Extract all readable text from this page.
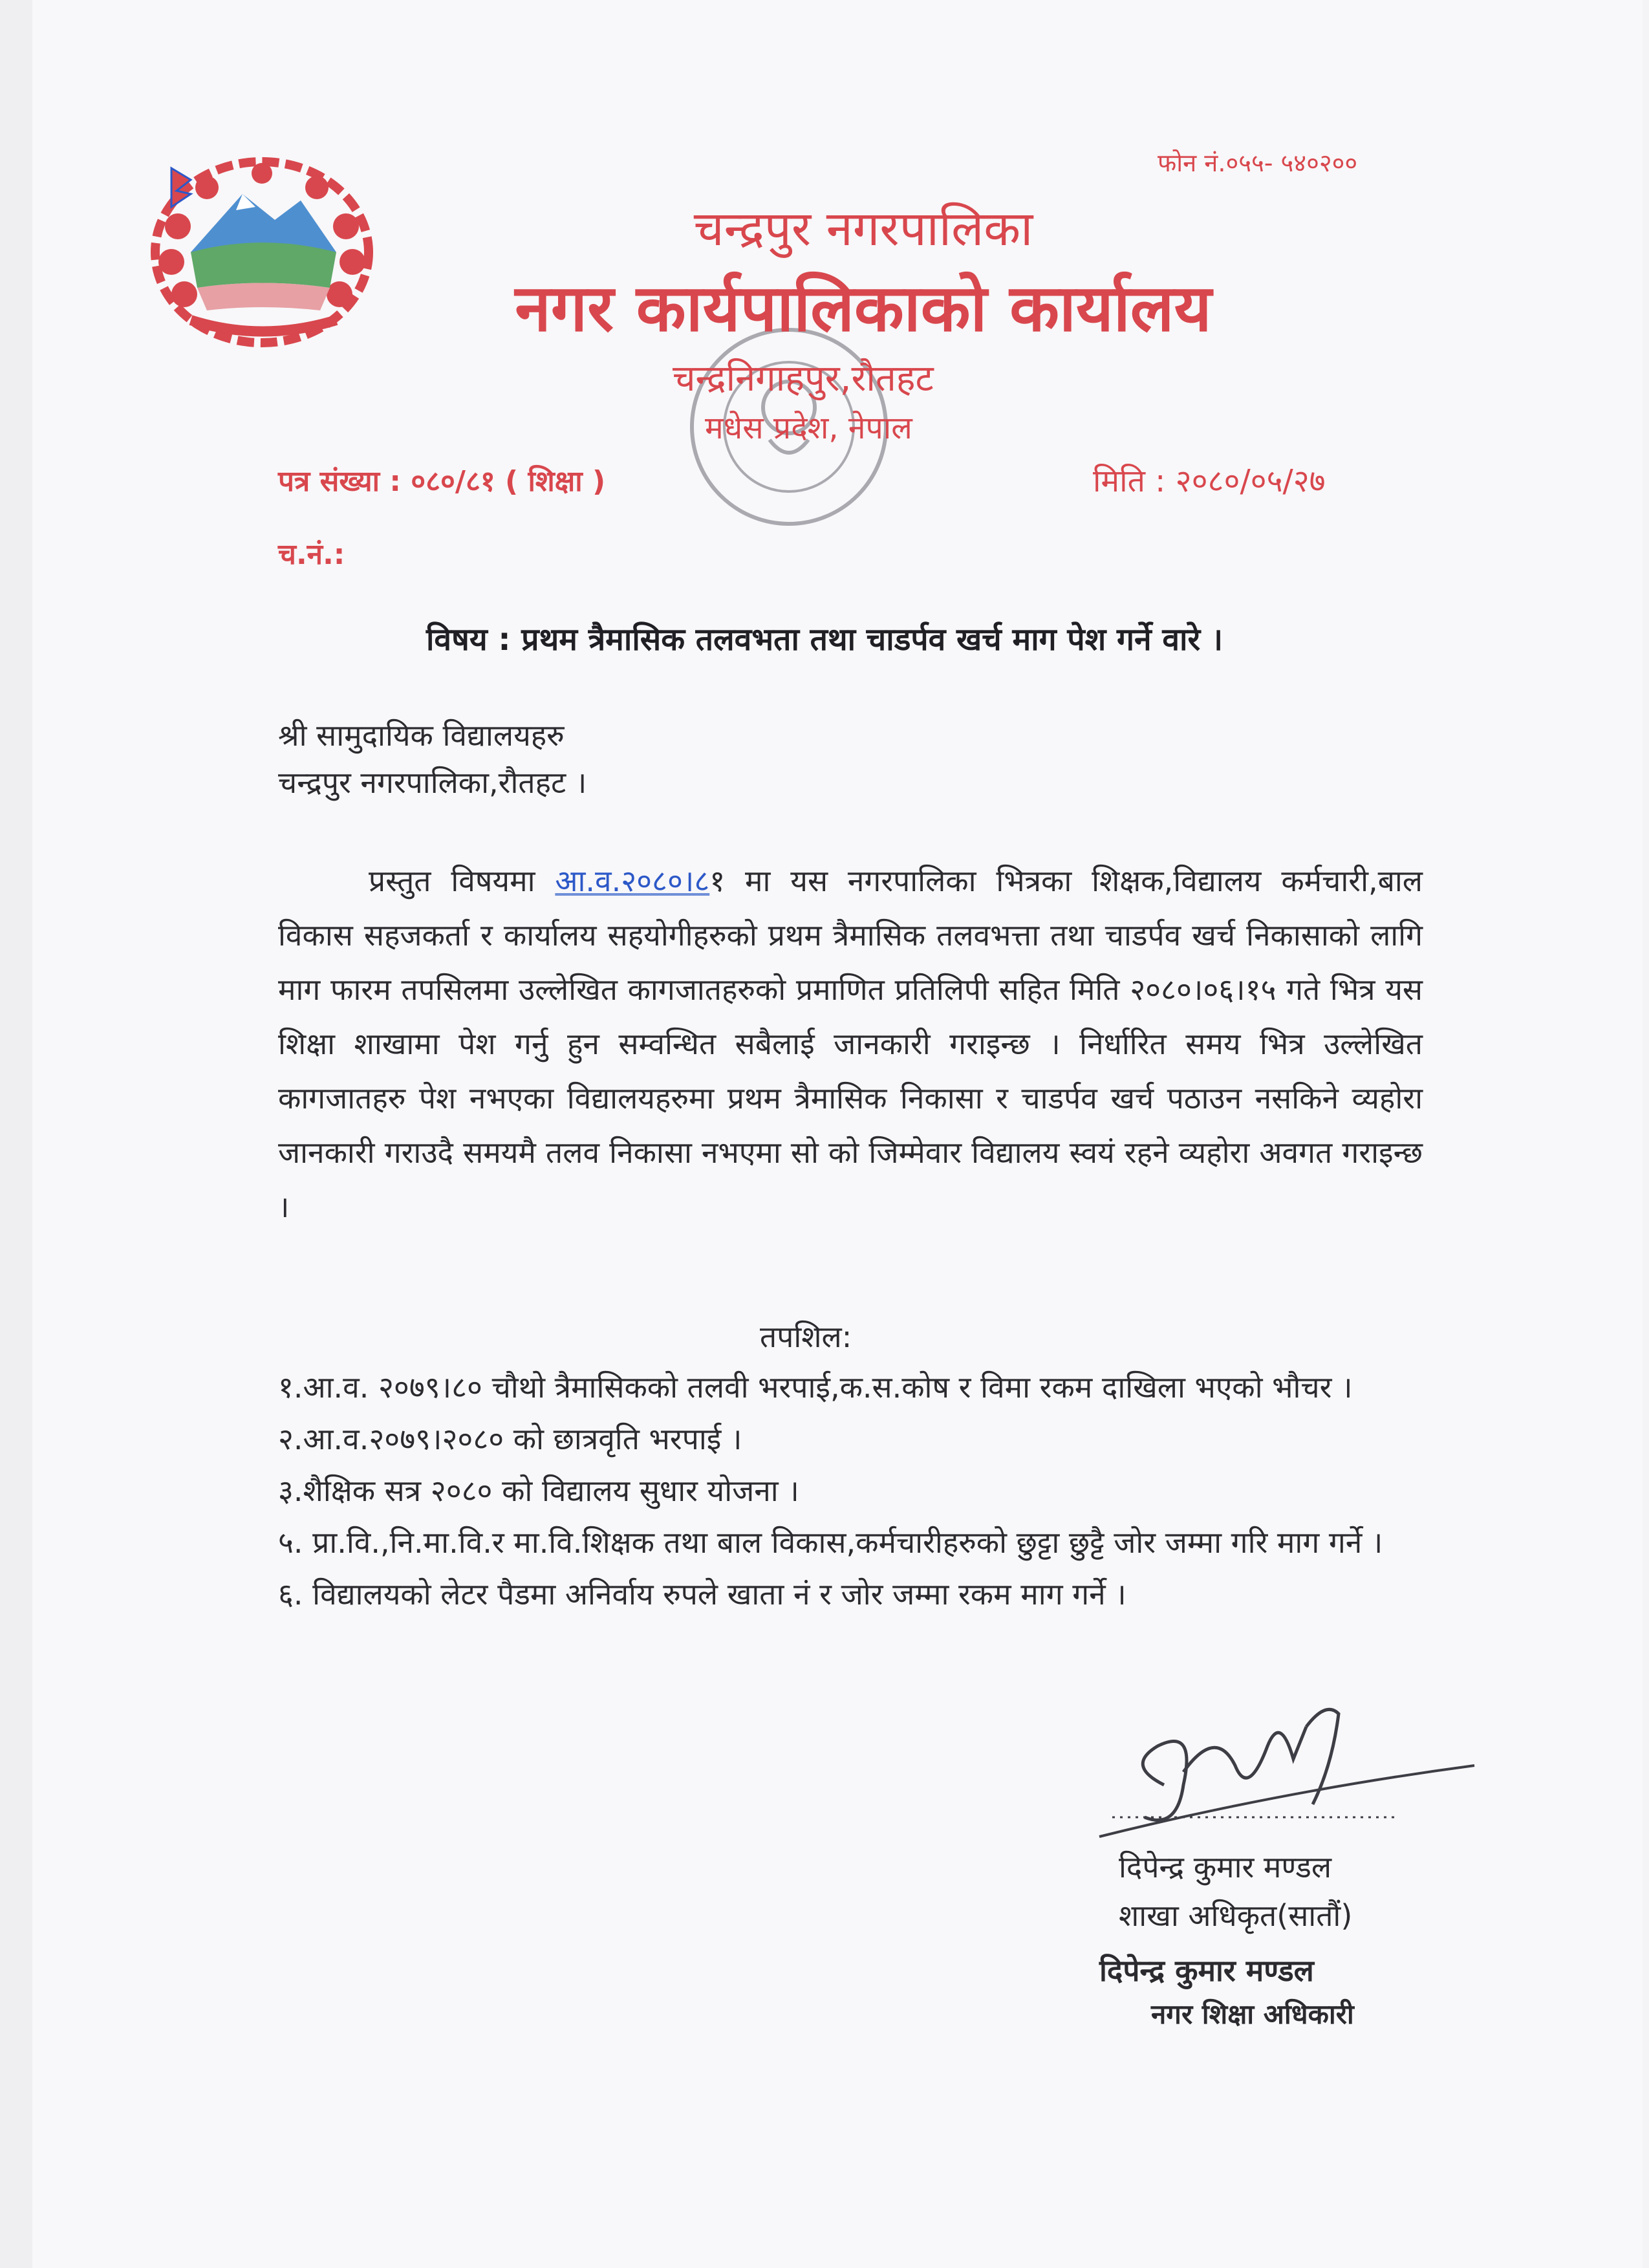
फोन नं.०५५- ५४०२००
चन्द्रपुर नगरपालिका
नगर कार्यपालिकाको कार्यालय
चन्द्रनिगाहपुर,रौतहट
मधेस प्रदेश, नेपाल
पत्र संख्या : ०८०/८१ ( शिक्षा )	मिति : २०८०/०५/२७
च.नं.:
विषय : प्रथम त्रैमासिक तलवभता तथा चाडर्पव खर्च माग पेश गर्ने वारे ।
श्री सामुदायिक विद्यालयहरु
चन्द्रपुर नगरपालिका,रौतहट ।
प्रस्तुत विषयमा आ.व.२०८०।८१ मा यस नगरपालिका भित्रका शिक्षक,विद्यालय कर्मचारी,बाल विकास सहजकर्ता र कार्यालय सहयोगीहरुको प्रथम त्रैमासिक तलवभत्ता तथा चाडर्पव खर्च निकासाको लागि माग फारम तपसिलमा उल्लेखित कागजातहरुको प्रमाणित प्रतिलिपी सहित मिति २०८०।०६।१५ गते भित्र यस शिक्षा शाखामा पेश गर्नु हुन सम्वन्धित सबैलाई जानकारी गराइन्छ । निर्धारित समय भित्र उल्लेखित कागजातहरु पेश नभएका विद्यालयहरुमा प्रथम त्रैमासिक निकासा र चाडर्पव खर्च पठाउन नसकिने व्यहोरा जानकारी गराउदै समयमै तलव निकासा नभएमा सो को जिम्मेवार विद्यालय स्वयं रहने व्यहोरा अवगत गराइन्छ ।
तपशिल:
१.आ.व. २०७९।८० चौथो त्रैमासिकको तलवी भरपाई,क.स.कोष र विमा रकम दाखिला भएको भौचर ।
२.आ.व.२०७९।२०८० को छात्रवृति भरपाई ।
३.शैक्षिक सत्र २०८० को विद्यालय सुधार योजना ।
५. प्रा.वि.,नि.मा.वि.र मा.वि.शिक्षक तथा बाल विकास,कर्मचारीहरुको छुट्टा छुट्टै जोर जम्मा गरि माग गर्ने ।
६. विद्यालयको लेटर पैडमा अनिर्वाय रुपले खाता नं र जोर जम्मा रकम माग गर्ने ।
दिपेन्द्र कुमार मण्डल
शाखा अधिकृत(सातौं)
दिपेन्द्र कुमार मण्डल
नगर शिक्षा अधिकारी
